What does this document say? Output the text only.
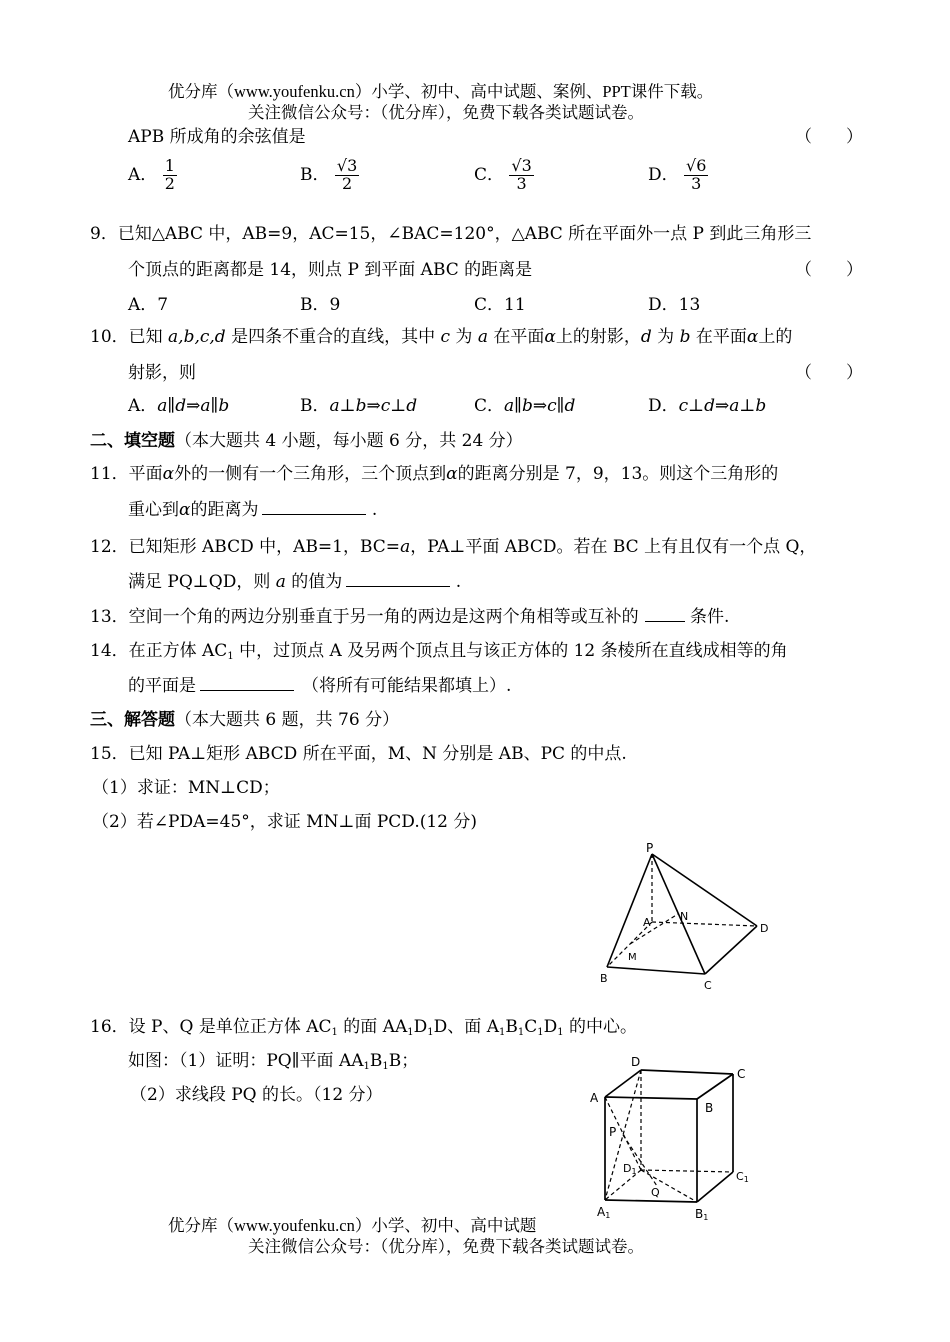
优分库（www.youfenku.cn）小学、初中、高中试题、案例、PPT课件下载。
关注微信公众号：（优分库），免费下载各类试题试卷。
APB 所成角的余弦值是	（　　）
A． $\frac{1}{2}$	B． $\frac{√3}{2}$	C． $\frac{√3}{3}$	D． $\frac{√6}{3}$
9．已知△ABC 中，AB=9，AC=15，∠BAC=120°，△ABC 所在平面外一点 P 到此三角形三
个顶点的距离都是 14，则点 P 到平面 ABC 的距离是	（　　）
A．7	B．9	C．11	D．13
10．已知 a,b,c,d 是四条不重合的直线，其中 c 为 a 在平面α上的射影，d 为 b 在平面α上的
射影，则	（　　）
A．a∥d⇒a∥b	B．a⊥b⇒c⊥d	C．a∥b⇒c∥d	D．c⊥d⇒a⊥b
二、填空题（本大题共 4 小题，每小题 6 分，共 24 分）
11．平面α外的一侧有一个三角形，三个顶点到α的距离分别是 7，9，13。则这个三角形的
重心到α的距离为	.
12．已知矩形 ABCD 中，AB=1，BC=a，PA⊥平面 ABCD。若在 BC 上有且仅有一个点 Q，
满足 PQ⊥QD，则 a 的值为	.
13．空间一个角的两边分别垂直于另一角的两边是这两个角相等或互补的	条件.
14．在正方体 $AC_1$ 中，过顶点 A 及另两个顶点且与该正方体的 12 条棱所在直线成相等的角
的平面是	（将所有可能结果都填上）.
三、解答题（本大题共 6 题，共 76 分）
15．已知 PA⊥矩形 ABCD 所在平面，M、N 分别是 AB、PC 的中点.
（1）求证：MN⊥CD；
（2）若∠PDA=45°，求证 MN⊥面 PCD.(12 分)
P
A	N
D
M
B
C
16．设 P、Q 是单位正方体 $AC_1$ 的面 $AA_1D_1D$、面 $A_1B_1C_1D_1$ 的中心。
如图：（1）证明：PQ∥平面 $AA_1B_1B$；
（2）求线段 PQ 的长。（12 分）
D
C
A
B
P
D1	C1
Q
A1	B1
优分库（www.youfenku.cn）小学、初中、高中试题
关注微信公众号：（优分库），免费下载各类试题试卷。
